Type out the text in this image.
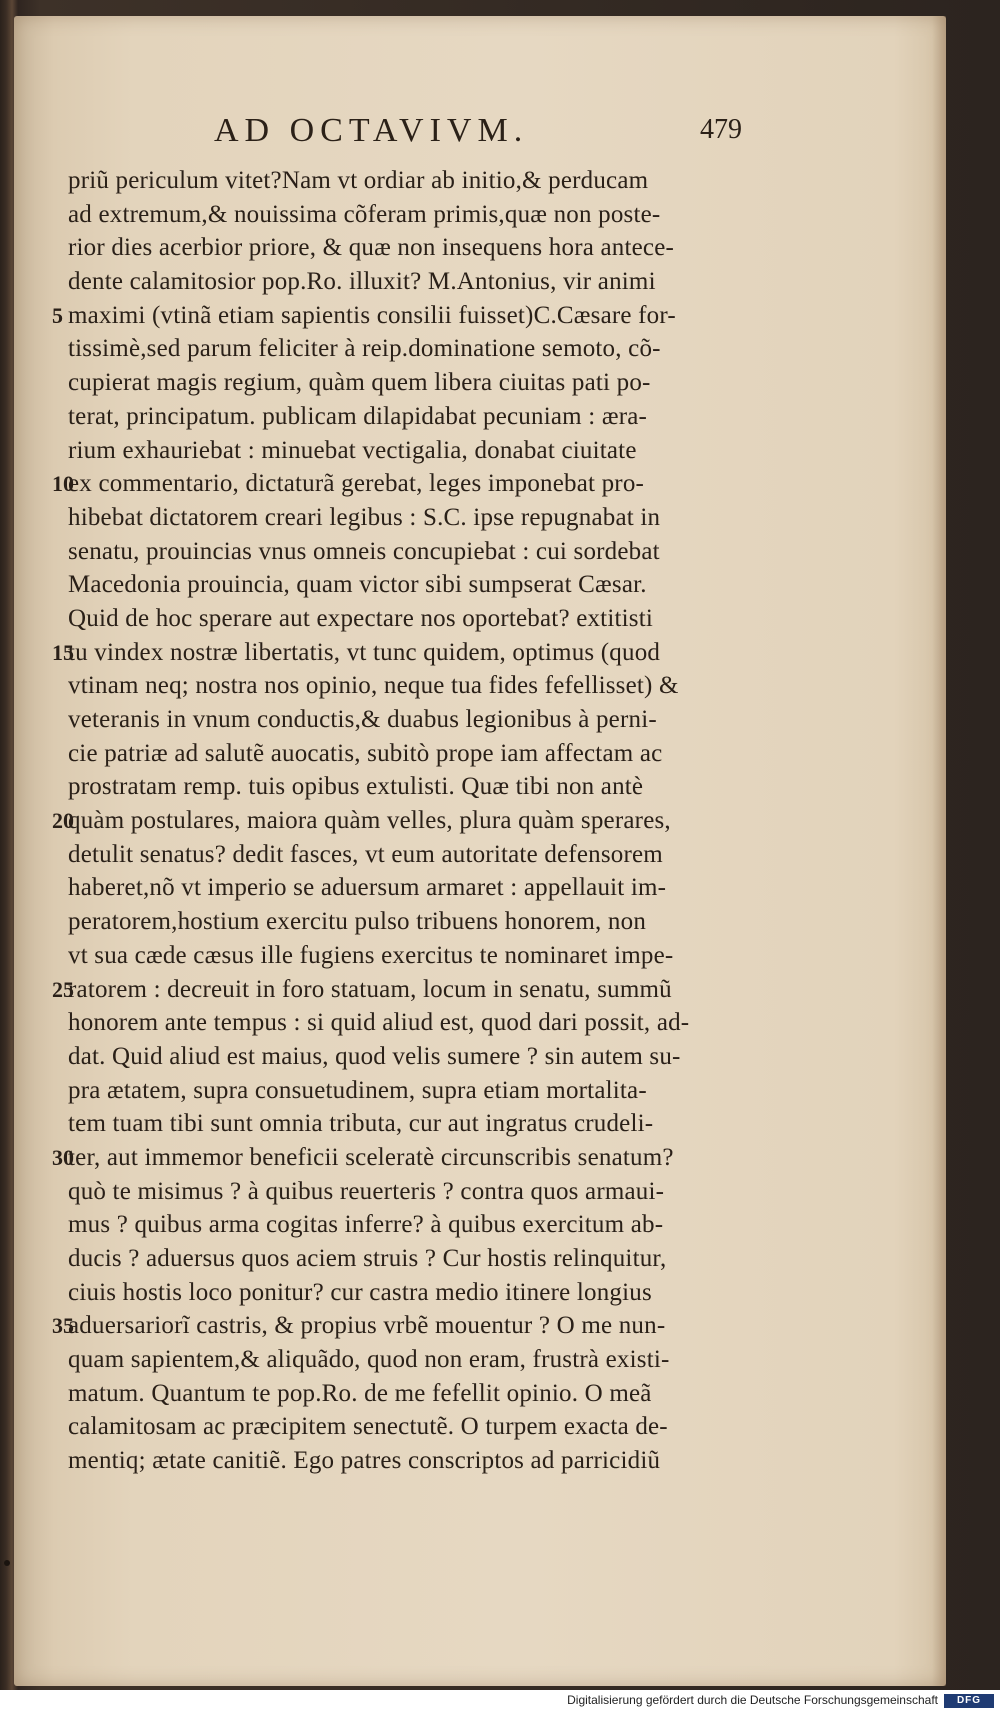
AD OCTAVIVM.	479
priũ periculum vitet?Nam vt ordiar ab initio,& perducam
ad extremum,& nouissima cõferam primis,quæ non poste-
rior dies acerbior priore, & quæ non insequens hora antece-
dente calamitosior pop.Ro. illuxit? M.Antonius, vir animi
5 maximi (vtinã etiam sapientis consilii fuisset)C.Cæsare for-
tissimè,sed parum feliciter à reip.dominatione semoto, cõ-
cupierat magis regium, quàm quem libera ciuitas pati po-
terat, principatum. publicam dilapidabat pecuniam : æra-
rium exhauriebat : minuebat vectigalia, donabat ciuitate
10
ex commentario, dictaturã gerebat, leges imponebat pro-
hibebat dictatorem creari legibus : S.C. ipse repugnabat in
senatu, prouincias vnus omneis concupiebat : cui sordebat
Macedonia prouincia, quam victor sibi sumpserat Cæsar.
Quid de hoc sperare aut expectare nos oportebat? extitisti
15
tu vindex nostræ libertatis, vt tunc quidem, optimus (quod
vtinam neq; nostra nos opinio, neque tua fides fefellisset) &
veteranis in vnum conductis,& duabus legionibus à perni-
cie patriæ ad salutẽ auocatis, subitò prope iam affectam ac
prostratam remp. tuis opibus extulisti. Quæ tibi non antè
20
quàm postulares, maiora quàm velles, plura quàm sperares,
detulit senatus? dedit fasces, vt eum autoritate defensorem
haberet,nõ vt imperio se aduersum armaret : appellauit im-
peratorem,hostium exercitu pulso tribuens honorem, non
vt sua cæde cæsus ille fugiens exercitus te nominaret impe-
25
ratorem : decreuit in foro statuam, locum in senatu, summũ
honorem ante tempus : si quid aliud est, quod dari possit, ad-
dat. Quid aliud est maius, quod velis sumere ? sin autem su-
pra ætatem, supra consuetudinem, supra etiam mortalita-
tem tuam tibi sunt omnia tributa, cur aut ingratus crudeli-
30
ter, aut immemor beneficii sceleratè circunscribis senatum?
quò te misimus ? à quibus reuerteris ? contra quos armaui-
mus ? quibus arma cogitas inferre? à quibus exercitum ab-
ducis ? aduersus quos aciem struis ? Cur hostis relinquitur,
ciuis hostis loco ponitur? cur castra medio itinere longius
35
aduersariorĩ castris, & propius vrbẽ mouentur ? O me nun-
quam sapientem,& aliquãdo, quod non eram, frustrà existi-
matum. Quantum te pop.Ro. de me fefellit opinio. O meã
calamitosam ac præcipitem senectutẽ. O turpem exacta de-
mentiq; ætate canitiẽ. Ego patres conscriptos ad parricidiũ
Digitalisierung gefördert durch die Deutsche Forschungsgemeinschaft	DFG
